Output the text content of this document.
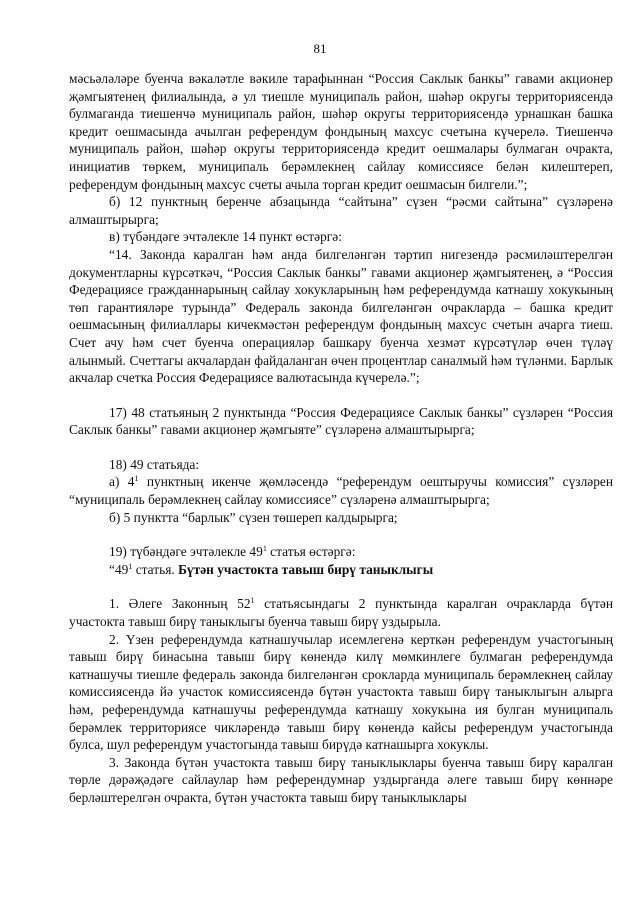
81

мәсьәләләре буенча вәкаләтле вәкиле тарафыннан “Россия Саклык банкы” гавами акционер җәмгыятенең филиалында, ә ул тиешле муниципаль район, шәһәр округы территориясендә булмаганда тиешенчә муниципаль район, шәһәр округы территориясендә урнашкан башка кредит оешмасында ачылган референдум фондының махсус счетына күчерелә. Тиешенчә муниципаль район, шәһәр округы территориясендә кредит оешмалары булмаган очракта, инициатив төркем, муниципаль берәмлекнең сайлау комиссиясе белән килештереп, референдум фондының махсус счеты ачыла торган кредит оешмасын билгели.”;

б) 12 пунктның беренче абзацында “сайтына” сүзен “рәсми сайтына” сүзләренә алмаштырырга;

в) түбәндәге эчтәлекле 14 пункт өстәргә:

“14. Законда каралган һәм анда билгеләнгән тәртип нигезендә рәсмиләштерелгән документларны күрсәткәч, “Россия Саклык банкы” гавами акционер җәмгыятенең, ә “Россия Федерациясе гражданнарының сайлау хокукларының һәм референдумда катнашу хокукының төп гарантияләре турында” Федераль законда билгеләнгән очракларда – башка кредит оешмасының филиаллары кичекмәстән референдум фондының махсус счетын ачарга тиеш. Счет ачу һәм счет буенча операцияләр башкару буенча хезмәт күрсәтүләр өчен түләү алынмый. Счеттагы акчалардан файдаланган өчен процентлар саналмый һәм түләнми. Барлык акчалар счетка Россия Федерациясе валютасында күчерелә.”;

17) 48 статьяның 2 пунктында “Россия Федерациясе Саклык банкы” сүзләрен “Россия Саклык банкы” гавами акционер җәмгыяте” сүзләренә алмаштырырга;

18) 49 статьяда:

а) $4^1$ пунктның икенче җөмләсендә “референдум оештыручы комиссия” сүзләрен “муниципаль берәмлекнең сайлау комиссиясе” сүзләренә алмаштырырга;

б) 5 пунктта “барлык” сүзен төшереп калдырырга;

19) түбәндәге эчтәлекле $49^1$ статья өстәргә:

“$49^1$ статья. Бүтән участокта тавыш бирү таныклыгы

1. Әлеге Законның $52^1$ статьясындагы 2 пунктында каралган очракларда бүтән участокта тавыш бирү таныклыгы буенча тавыш бирү уздырыла.

2. Үзен референдумда катнашучылар исемлегенә керткән референдум участогының тавыш бирү бинасына тавыш бирү көнендә килү мөмкинлеге булмаган референдумда катнашучы тиешле федераль законда билгеләнгән срокларда муниципаль берәмлекнең сайлау комиссиясендә йә участок комиссиясендә бүтән участокта тавыш бирү таныклыгын алырга һәм, референдумда катнашучы референдумда катнашу хокукына ия булган муниципаль берәмлек территориясе чикләрендә тавыш бирү көнендә кайсы референдум участогында булса, шул референдум участогында тавыш бирүдә катнашырга хокуклы.

3. Законда бүтән участокта тавыш бирү таныклыклары буенча тавыш бирү каралган төрле дәрәҗәдәге сайлаулар һәм референдумнар уздырганда әлеге тавыш бирү көннәре берләштерелгән очракта, бүтән участокта тавыш бирү таныклыклары
